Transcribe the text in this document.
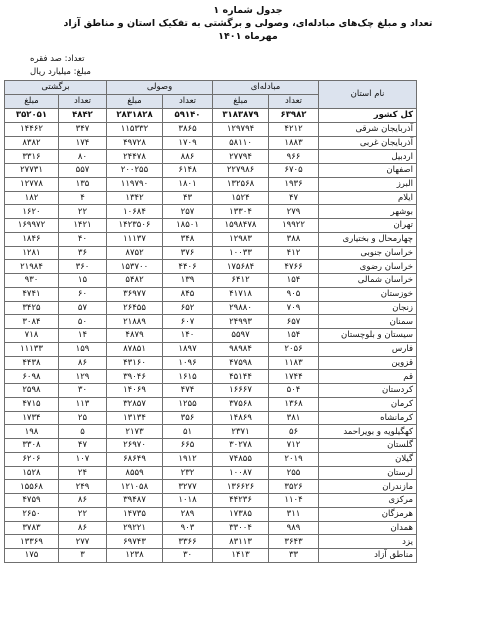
جدول شماره ۱
تعداد و مبلغ چک‌های مبادله‌ای، وصولی و برگشتی به تفکیک استان و مناطق آزاد
مهرماه ۱۴۰۱
تعداد: صد فقره
مبلغ: میلیارد ریال
نام استان	مبادله‌ای		وصولی		برگشتی	
	تعداد	مبلغ	تعداد	مبلغ	تعداد	مبلغ
کل کشور	۶۳۹۸۲	۳۱۸۳۸۷۹	۵۹۱۴۰	۲۸۳۱۸۲۸	۴۸۴۲	۳۵۲۰۵۱
آذربایجان شرقی	۴۲۱۲	۱۲۹۷۹۴	۳۸۶۵	۱۱۵۳۳۲	۳۴۷	۱۴۴۶۲
آذربایجان غربی	۱۸۸۳	۵۸۱۱۰	۱۷۰۹	۴۹۷۲۸	۱۷۴	۸۳۸۲
اردبیل	۹۶۶	۲۷۷۹۴	۸۸۶	۲۴۴۷۸	۸۰	۳۳۱۶
اصفهان	۶۷۰۵	۲۲۷۹۸۶	۶۱۴۸	۲۰۰۲۵۵	۵۵۷	۲۷۷۳۱
البرز	۱۹۳۶	۱۳۲۵۶۸	۱۸۰۱	۱۱۹۷۹۰	۱۳۵	۱۲۷۷۸
ایلام	۴۷	۱۵۲۴	۴۳	۱۳۴۲	۴	۱۸۲
بوشهر	۲۷۹	۱۳۳۰۴	۲۵۷	۱۰۶۸۴	۲۲	۱۶۲۰
تهران	۱۹۹۲۲	۱۵۹۸۴۷۸	۱۸۵۰۱	۱۴۲۳۵۰۶	۱۴۲۱	۱۶۹۹۷۲
چهارمحال و بختیاری	۳۸۸	۱۲۹۸۳	۳۴۸	۱۱۱۳۷	۴۰	۱۸۴۶
خراسان جنوبی	۴۱۲	۱۰۰۳۳	۳۷۶	۸۷۵۲	۳۶	۱۲۸۱
خراسان رضوی	۴۷۶۶	۱۷۵۶۸۴	۴۴۰۶	۱۵۳۷۰۰	۳۶۰	۲۱۹۸۴
خراسان شمالی	۱۵۴	۶۴۱۲	۱۳۹	۵۴۸۲	۱۵	۹۳۰
خوزستان	۹۰۵	۴۱۷۱۸	۸۴۵	۳۶۹۷۷	۶۰	۴۷۴۱
زنجان	۷۰۹	۲۹۸۸۰	۶۵۲	۲۶۴۵۵	۵۷	۳۴۲۵
سمنان	۶۵۷	۲۴۹۹۳	۶۰۷	۲۱۸۸۹	۵۰	۳۰۸۴
سیستان و بلوچستان	۱۵۴	۵۵۹۷	۱۴۰	۴۸۷۹	۱۴	۷۱۸
فارس	۲۰۵۶	۹۸۹۸۴	۱۸۹۷	۸۷۸۵۱	۱۵۹	۱۱۱۳۳
قزوین	۱۱۸۳	۴۷۵۹۸	۱۰۹۶	۴۳۱۶۰	۸۶	۴۴۳۸
قم	۱۷۴۴	۴۵۱۴۴	۱۶۱۵	۳۹۰۴۶	۱۲۹	۶۰۹۸
کردستان	۵۰۴	۱۶۶۶۷	۴۷۴	۱۴۰۶۹	۳۰	۲۵۹۸
کرمان	۱۳۶۸	۳۷۵۶۸	۱۲۵۵	۳۲۸۵۷	۱۱۳	۴۷۱۵
کرمانشاه	۳۸۱	۱۴۸۶۹	۳۵۶	۱۳۱۳۴	۲۵	۱۷۳۴
کهگیلویه و بویراحمد	۵۶	۲۳۷۱	۵۱	۲۱۷۳	۵	۱۹۸
گلستان	۷۱۲	۳۰۲۷۸	۶۶۵	۲۶۹۷۰	۴۷	۳۳۰۸
گیلان	۲۰۱۹	۷۴۸۵۵	۱۹۱۲	۶۸۶۴۹	۱۰۷	۶۲۰۶
لرستان	۲۵۵	۱۰۰۸۷	۲۳۲	۸۵۵۹	۲۴	۱۵۲۸
مازندران	۳۵۲۶	۱۳۶۶۲۶	۳۲۷۷	۱۲۱۰۵۸	۲۴۹	۱۵۵۶۸
مرکزی	۱۱۰۴	۴۴۲۳۶	۱۰۱۸	۳۹۴۸۷	۸۶	۴۷۵۹
هرمزگان	۳۱۱	۱۷۳۸۵	۲۸۹	۱۴۷۳۵	۲۲	۲۶۵۰
همدان	۹۸۹	۳۳۰۰۴	۹۰۳	۲۹۲۲۱	۸۶	۳۷۸۳
یزد	۳۶۴۳	۸۳۱۱۳	۳۳۶۶	۶۹۷۴۳	۲۷۷	۱۳۳۶۹
مناطق آزاد	۳۳	۱۴۱۳	۳۰	۱۲۳۸	۳	۱۷۵
